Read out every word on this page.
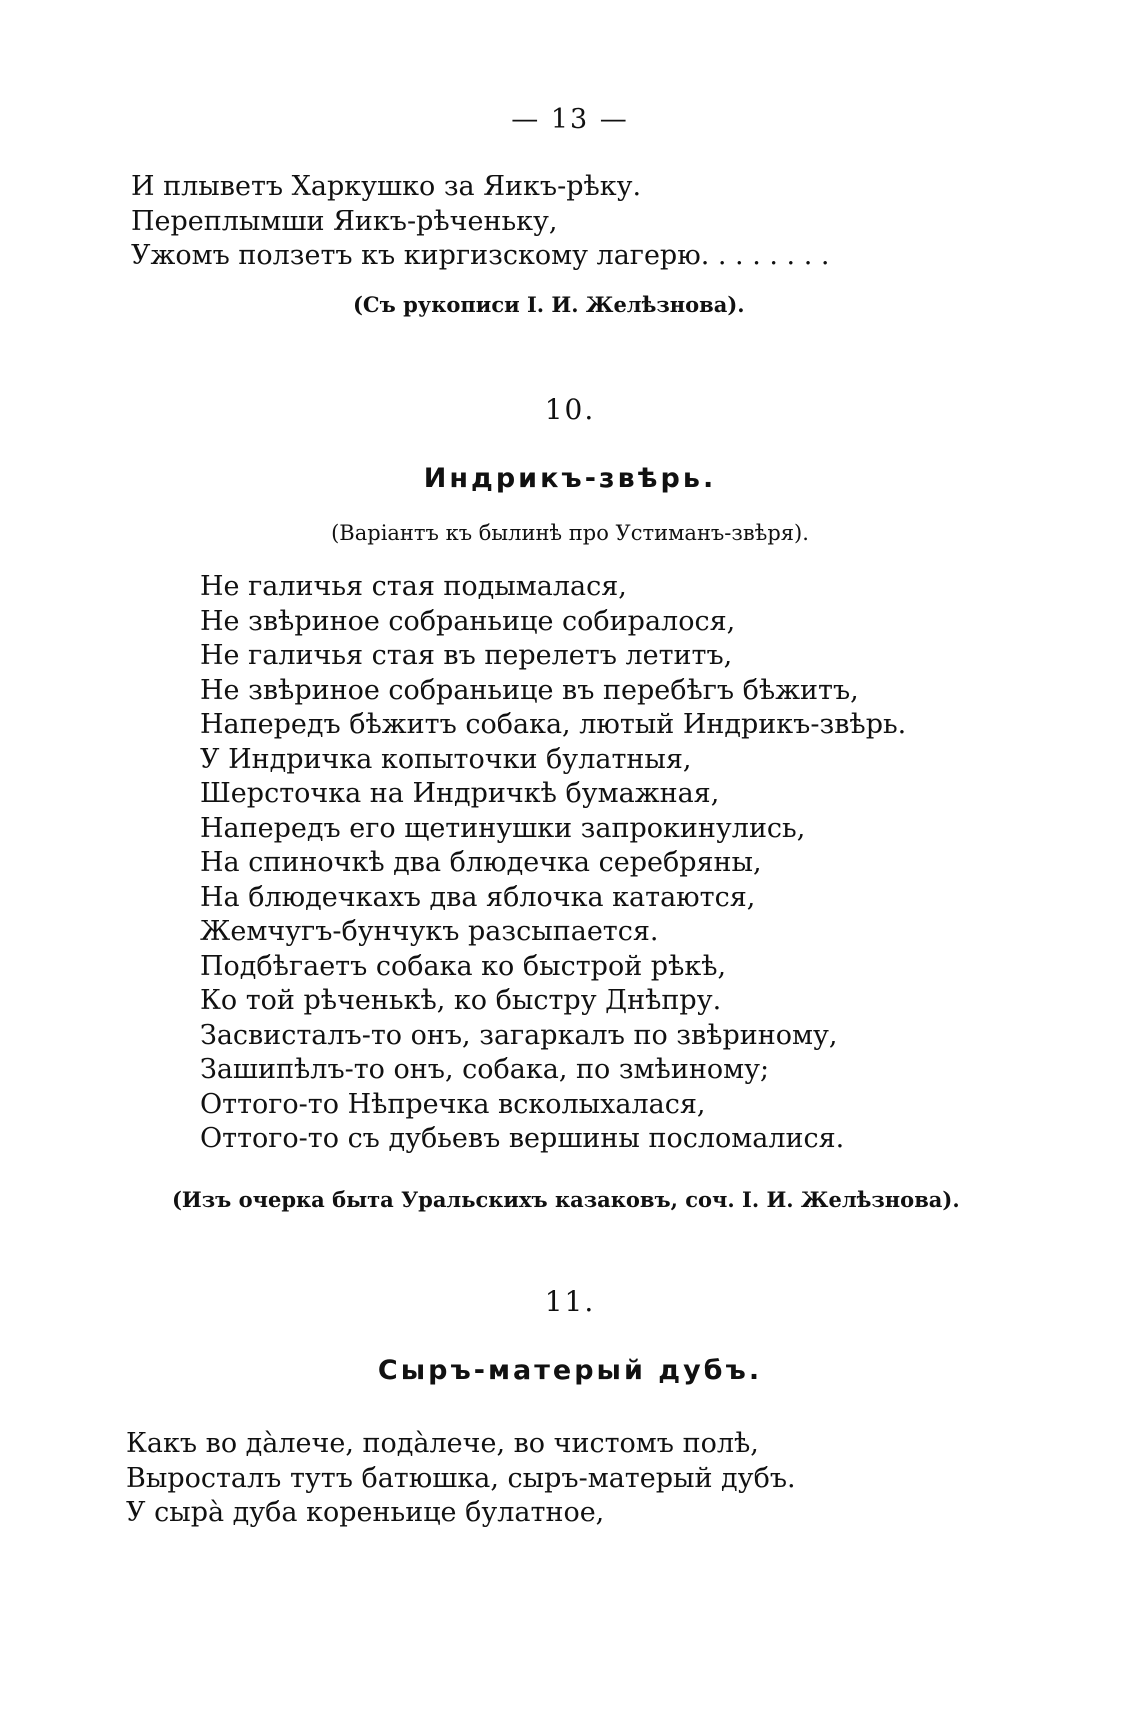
— 13 —
И плыветъ Харкушко за Яикъ-рѣку.
Переплымши Яикъ-рѣченьку,
Ужомъ ползетъ къ киргизскому лагерю. . . . . . . .
(Съ рукописи I. И. Желѣзнова).
10.
Индрикъ-звѣрь.
(Варіантъ къ былинѣ про Устиманъ-звѣря).
Не галичья стая подымалася,
Не звѣриное собраньице собиралося,
Не галичья стая въ перелетъ летитъ,
Не звѣриное собраньице въ перебѣгъ бѣжитъ,
Напередъ бѣжитъ собака, лютый Индрикъ-звѣрь.
У Индричка копыточки булатныя,
Шерсточка на Индричкѣ бумажная,
Напередъ его щетинушки запрокинулись,
На спиночкѣ два блюдечка серебряны,
На блюдечкахъ два яблочка катаются,
Жемчугъ-бунчукъ разсыпается.
Подбѣгаетъ собака ко быстрой рѣкѣ,
Ко той рѣченькѣ, ко быстру Днѣпру.
Засвисталъ-то онъ, загаркалъ по звѣриному,
Зашипѣлъ-то онъ, собака, по змѣиному;
Оттого-то Нѣпречка всколыхалася,
Оттого-то съ дубьевъ вершины посломалися.
(Изъ очерка быта Уральскихъ казаковъ, соч. I. И. Желѣзнова).
11.
Сыръ-матерый дубъ.
Какъ во да̀лече, пода̀лече, во чистомъ полѣ,
Выросталъ тутъ батюшка, сыръ-матерый дубъ.
У сыра̀ дуба кореньице булатное,
